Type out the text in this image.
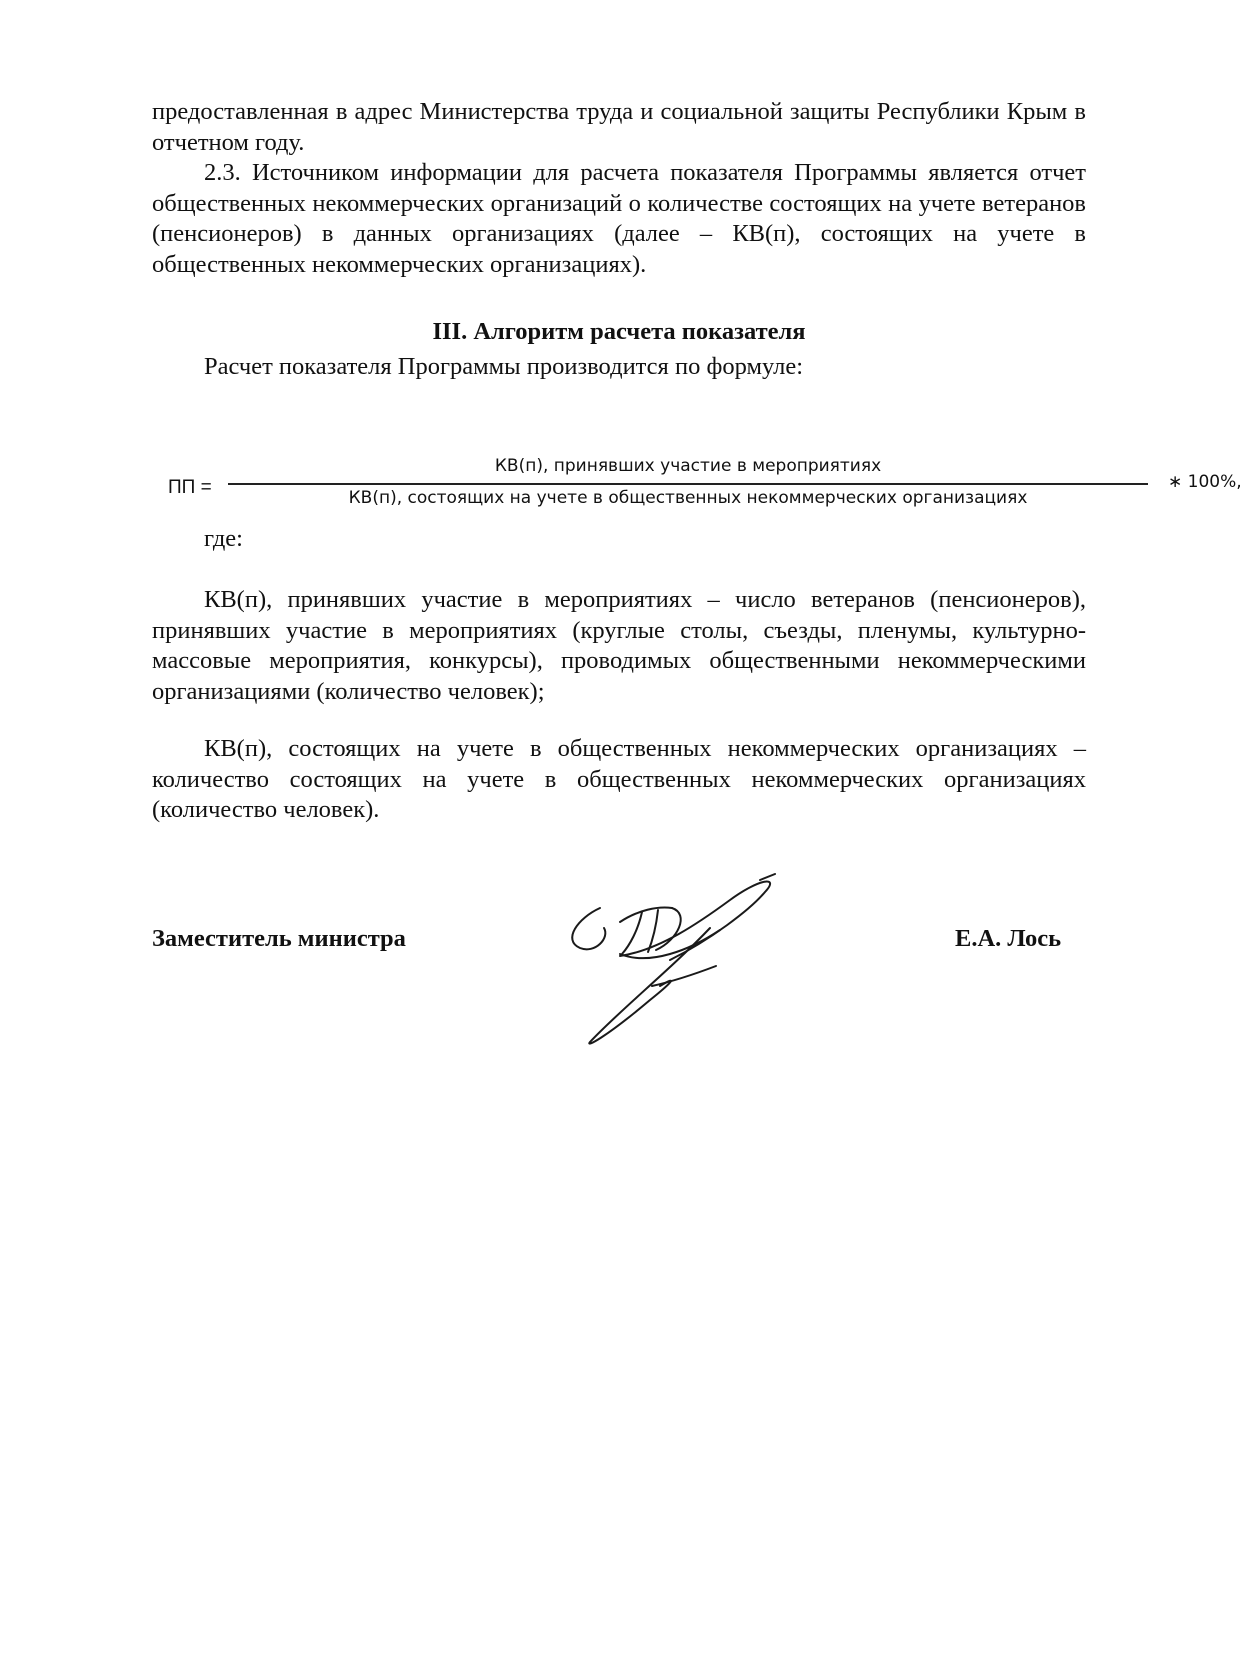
предоставленная в адрес Министерства труда и социальной защиты Республики Крым в отчетном году.

2.3. Источником информации для расчета показателя Программы является отчет общественных некоммерческих организаций о количестве состоящих на учете ветеранов (пенсионеров) в данных организациях (далее – КВ(п), состоящих на учете в общественных некоммерческих организациях).

III. Алгоритм расчета показателя

Расчет показателя Программы производится по формуле:

ПП =
КВ(п), принявших участие в мероприятиях
КВ(п), состоящих на учете в общественных некоммерческих организациях
∗ 100%,

где:

КВ(п), принявших участие в мероприятиях – число ветеранов (пенсионеров), принявших участие в мероприятиях (круглые столы, съезды, пленумы, культурно-массовые мероприятия, конкурсы), проводимых общественными некоммерческими организациями (количество человек);

КВ(п), состоящих на учете в общественных некоммерческих организациях – количество состоящих на учете в общественных некоммерческих организациях (количество человек).

Заместитель министра	Е.А. Лось
